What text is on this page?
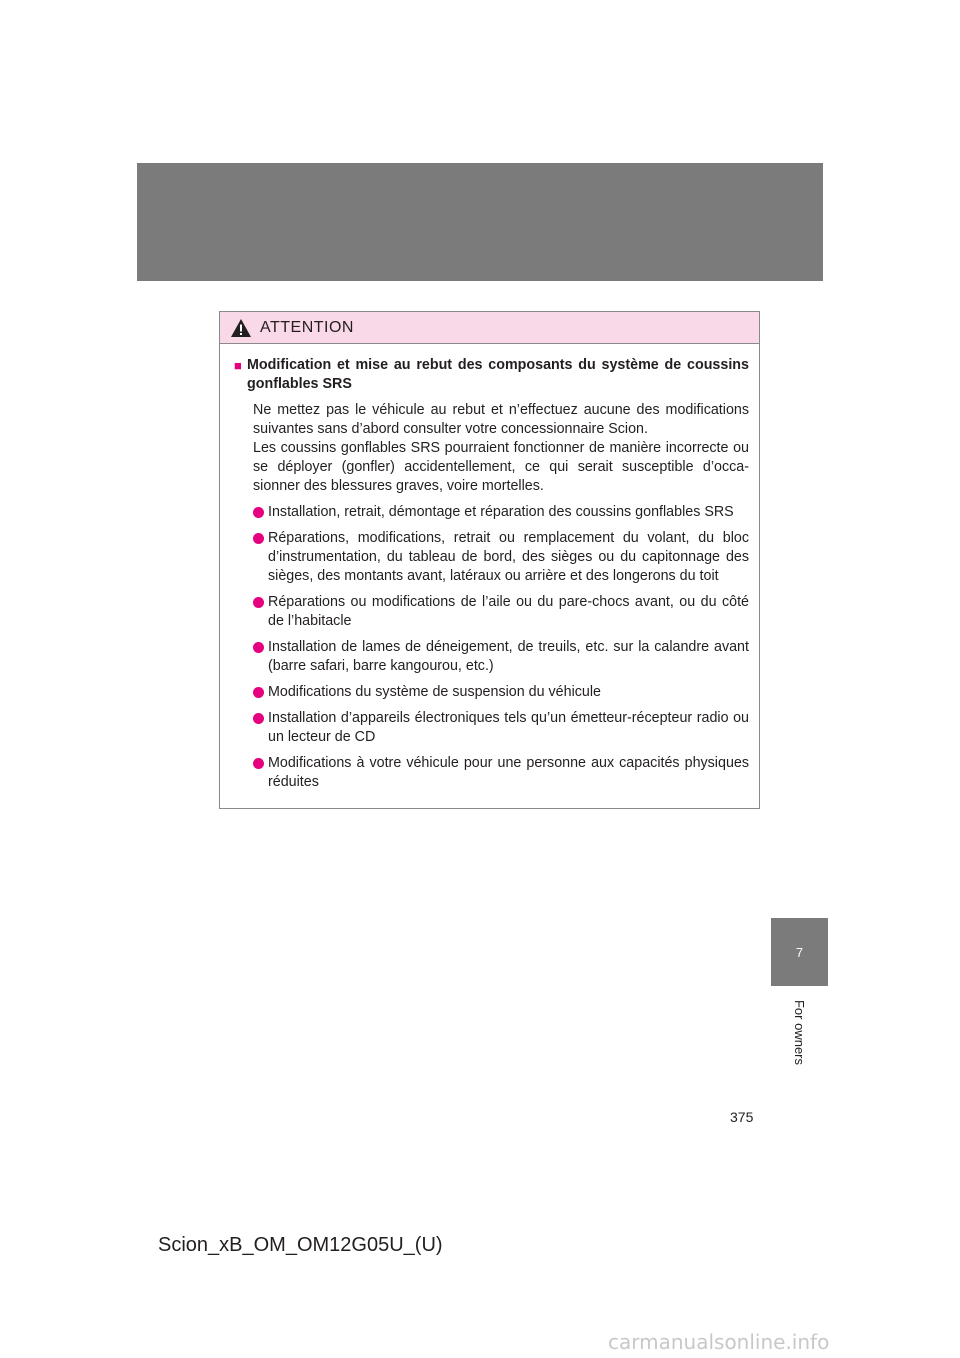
ATTENTION
■ Modification et mise au rebut des composants du système de coussins gonflables SRS
Ne mettez pas le véhicule au rebut et n’effectuez aucune des modifications suivantes sans d’abord consulter votre concessionnaire Scion.
Les coussins gonflables SRS pourraient fonctionner de manière incorrecte ou se déployer (gonfler) accidentellement, ce qui serait susceptible d’occa-sionner des blessures graves, voire mortelles.
Installation, retrait, démontage et réparation des coussins gonflables SRS
Réparations, modifications, retrait ou remplacement du volant, du bloc d’instrumentation, du tableau de bord, des sièges ou du capitonnage des sièges, des montants avant, latéraux ou arrière et des longerons du toit
Réparations ou modifications de l’aile ou du pare-chocs avant, ou du côté de l’habitacle
Installation de lames de déneigement, de treuils, etc. sur la calandre avant (barre safari, barre kangourou, etc.)
Modifications du système de suspension du véhicule
Installation d’appareils électroniques tels qu’un émetteur-récepteur radio ou un lecteur de CD
Modifications à votre véhicule pour une personne aux capacités physiques réduites
7
For owners
375
Scion_xB_OM_OM12G05U_(U)
carmanualsonline.info
